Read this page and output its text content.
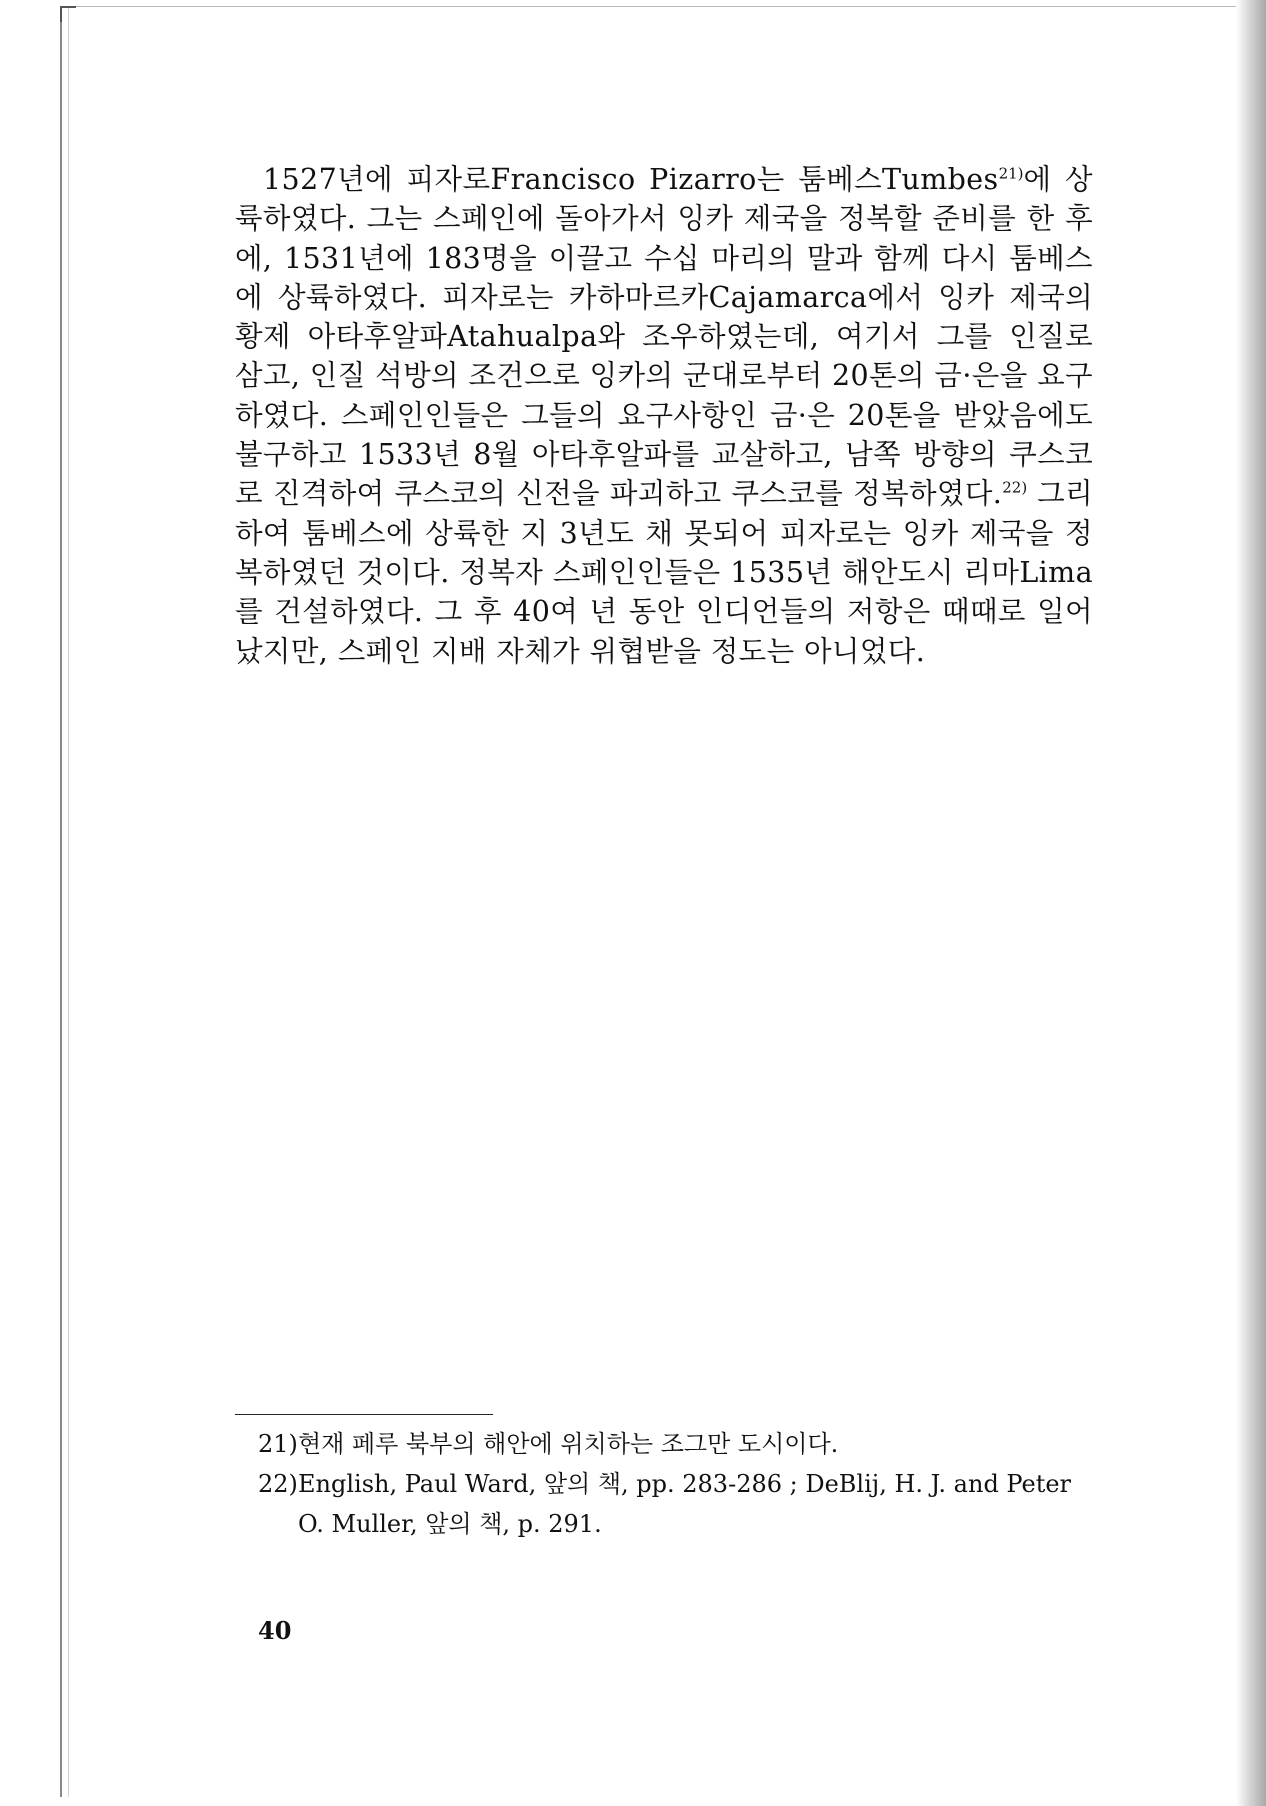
1527년에 피자로Francisco Pizarro는 툼베스Tumbes$^{21)}$에 상륙하였다. 그는 스페인에 돌아가서 잉카 제국을 정복할 준비를 한 후에, 1531년에 183명을 이끌고 수십 마리의 말과 함께 다시 툼베스에 상륙하였다. 피자로는 카하마르카Cajamarca에서 잉카 제국의 황제 아타후알파Atahualpa와 조우하였는데, 여기서 그를 인질로 삼고, 인질 석방의 조건으로 잉카의 군대로부터 20톤의 금·은을 요구하였다. 스페인인들은 그들의 요구사항인 금·은 20톤을 받았음에도 불구하고 1533년 8월 아타후알파를 교살하고, 남쪽 방향의 쿠스코로 진격하여 쿠스코의 신전을 파괴하고 쿠스코를 정복하였다.$^{22)}$ 그리하여 툼베스에 상륙한 지 3년도 채 못되어 피자로는 잉카 제국을 정복하였던 것이다. 정복자 스페인인들은 1535년 해안도시 리마Lima를 건설하였다. 그 후 40여 년 동안 인디언들의 저항은 때때로 일어났지만, 스페인 지배 자체가 위협받을 정도는 아니었다.

21)현재 페루 북부의 해안에 위치하는 조그만 도시이다.
22)English, Paul Ward, 앞의 책, pp. 283-286 ; DeBlij, H. J. and Peter O. Muller, 앞의 책, p. 291.
40
